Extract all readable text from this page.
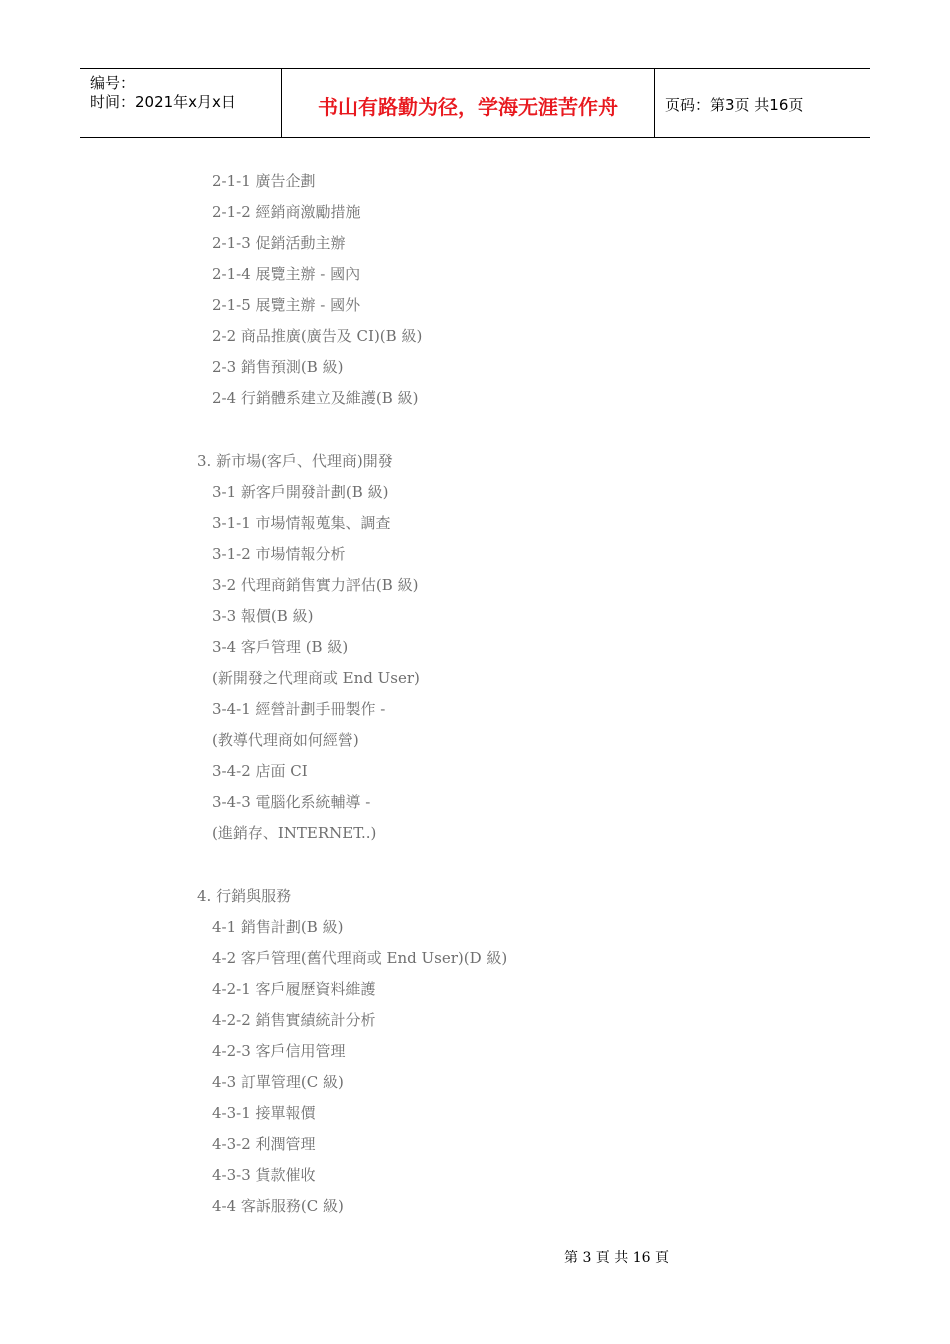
编号：
时间：2021年x月x日	书山有路勤为径，学海无涯苦作舟	页码：第3页 共16页
2-1-1 廣告企劃
2-1-2 經銷商激勵措施
2-1-3 促銷活動主辦
2-1-4 展覽主辦 - 國內
2-1-5 展覽主辦 - 國外
2-2 商品推廣(廣告及 CI)(B 級)
2-3 銷售預測(B 級)
2-4 行銷體系建立及維護(B 級)
3. 新市場(客戶、代理商)開發
3-1 新客戶開發計劃(B 級)
3-1-1 市場情報蒐集、調查
3-1-2 市場情報分析
3-2 代理商銷售實力評估(B 級)
3-3 報價(B 級)
3-4 客戶管理 (B 級)
(新開發之代理商或 End User)
3-4-1 經營計劃手冊製作 -
(教導代理商如何經營)
3-4-2 店面 CI
3-4-3 電腦化系統輔導 -
(進銷存、INTERNET..)
4. 行銷與服務
4-1 銷售計劃(B 級)
4-2 客戶管理(舊代理商或 End User)(D 級)
4-2-1 客戶履歷資料維護
4-2-2 銷售實績統計分析
4-2-3 客戶信用管理
4-3 訂單管理(C 級)
4-3-1 接單報價
4-3-2 利潤管理
4-3-3 貨款催收
4-4 客訴服務(C 級)
第 3 頁 共 16 頁
